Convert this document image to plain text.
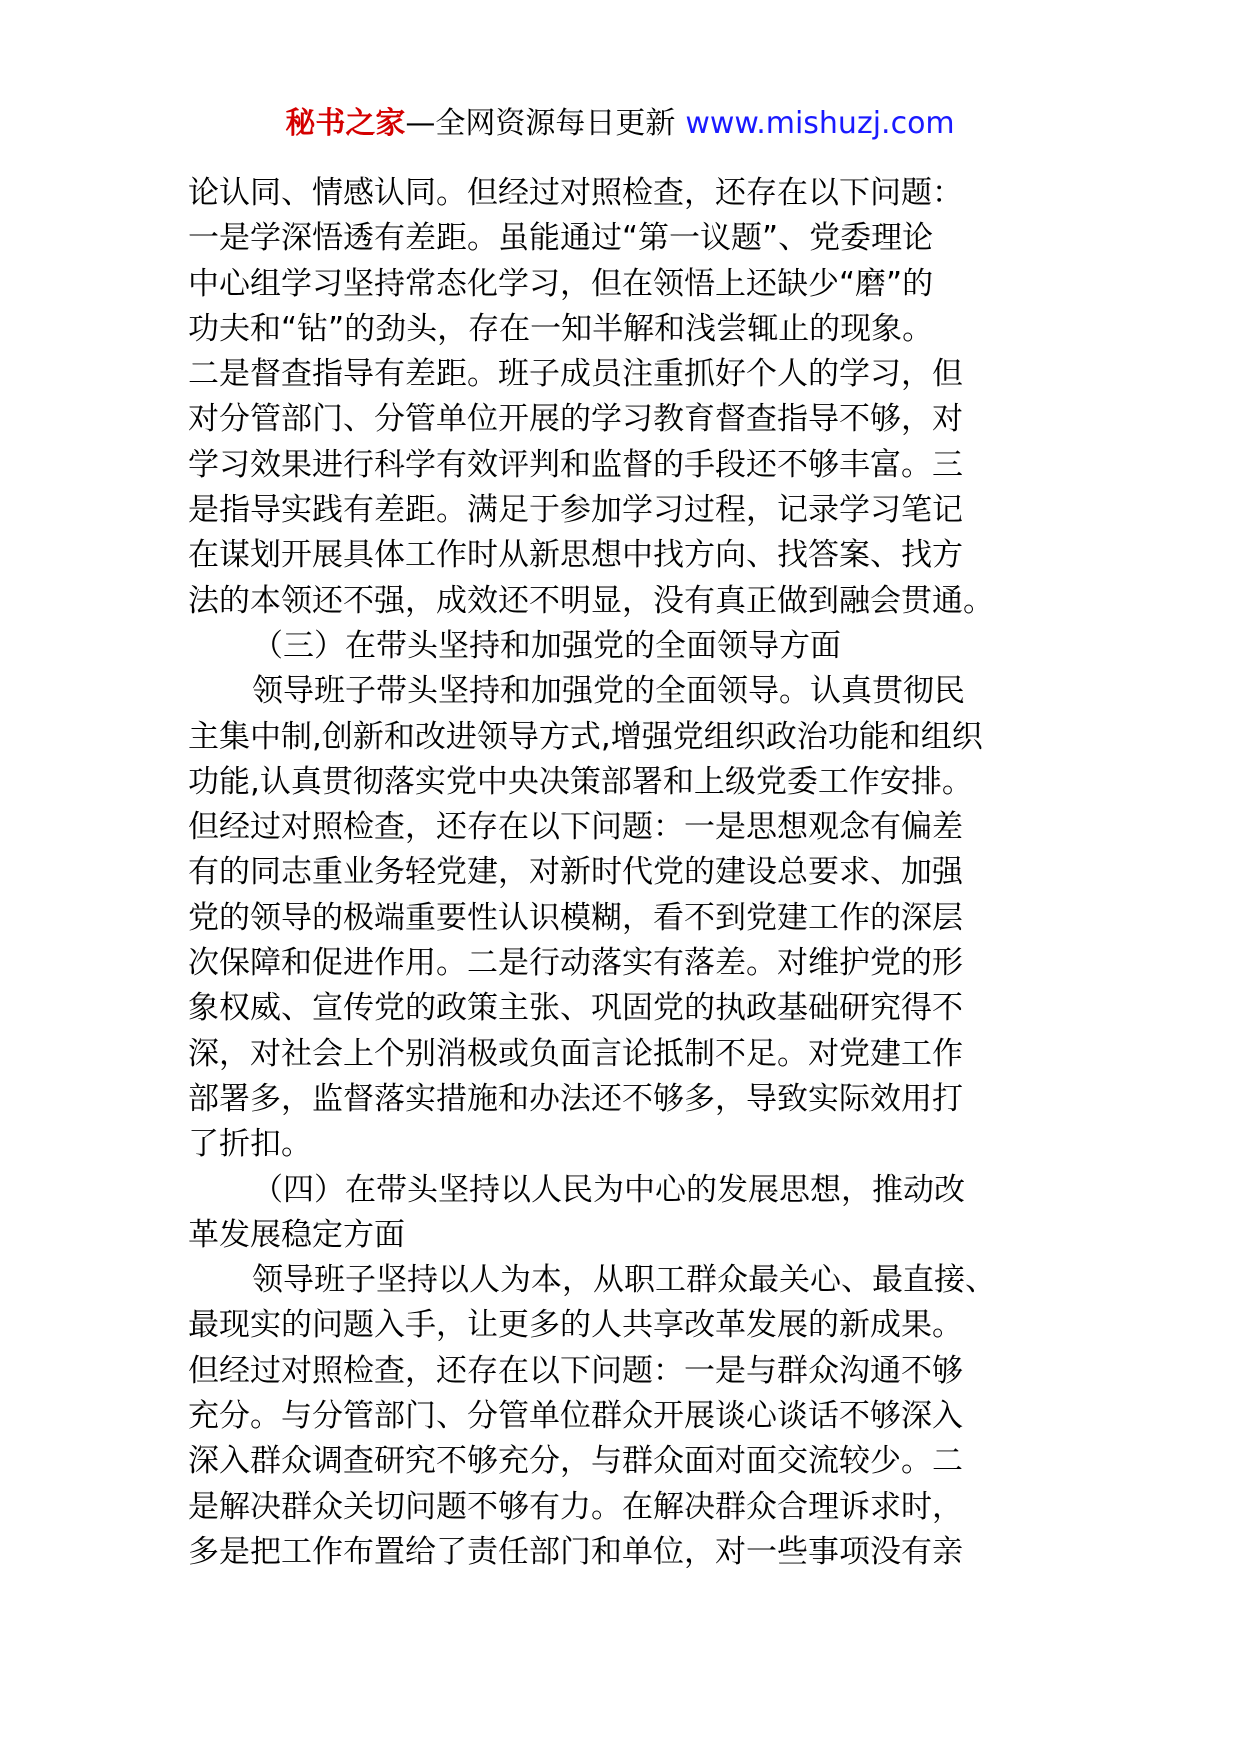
秘书之家—全网资源每日更新 www.mishuzj.com
论认同、情感认同。但经过对照检查，还存在以下问题：
一是学深悟透有差距。虽能通过“第一议题”、党委理论
中心组学习坚持常态化学习，但在领悟上还缺少“磨”的
功夫和“钻”的劲头，存在一知半解和浅尝辄止的现象。
二是督查指导有差距。班子成员注重抓好个人的学习，但
对分管部门、分管单位开展的学习教育督查指导不够，对
学习效果进行科学有效评判和监督的手段还不够丰富。三
是指导实践有差距。满足于参加学习过程，记录学习笔记
在谋划开展具体工作时从新思想中找方向、找答案、找方
法的本领还不强，成效还不明显，没有真正做到融会贯通。
（三）在带头坚持和加强党的全面领导方面
领导班子带头坚持和加强党的全面领导。认真贯彻民
主集中制,创新和改进领导方式,增强党组织政治功能和组织
功能,认真贯彻落实党中央决策部署和上级党委工作安排。
但经过对照检查，还存在以下问题：一是思想观念有偏差
有的同志重业务轻党建，对新时代党的建设总要求、加强
党的领导的极端重要性认识模糊，看不到党建工作的深层
次保障和促进作用。二是行动落实有落差。对维护党的形
象权威、宣传党的政策主张、巩固党的执政基础研究得不
深，对社会上个别消极或负面言论抵制不足。对党建工作
部署多，监督落实措施和办法还不够多，导致实际效用打
了折扣。
（四）在带头坚持以人民为中心的发展思想，推动改
革发展稳定方面
领导班子坚持以人为本，从职工群众最关心、最直接、
最现实的问题入手，让更多的人共享改革发展的新成果。
但经过对照检查，还存在以下问题：一是与群众沟通不够
充分。与分管部门、分管单位群众开展谈心谈话不够深入
深入群众调查研究不够充分，与群众面对面交流较少。二
是解决群众关切问题不够有力。在解决群众合理诉求时，
多是把工作布置给了责任部门和单位，对一些事项没有亲
